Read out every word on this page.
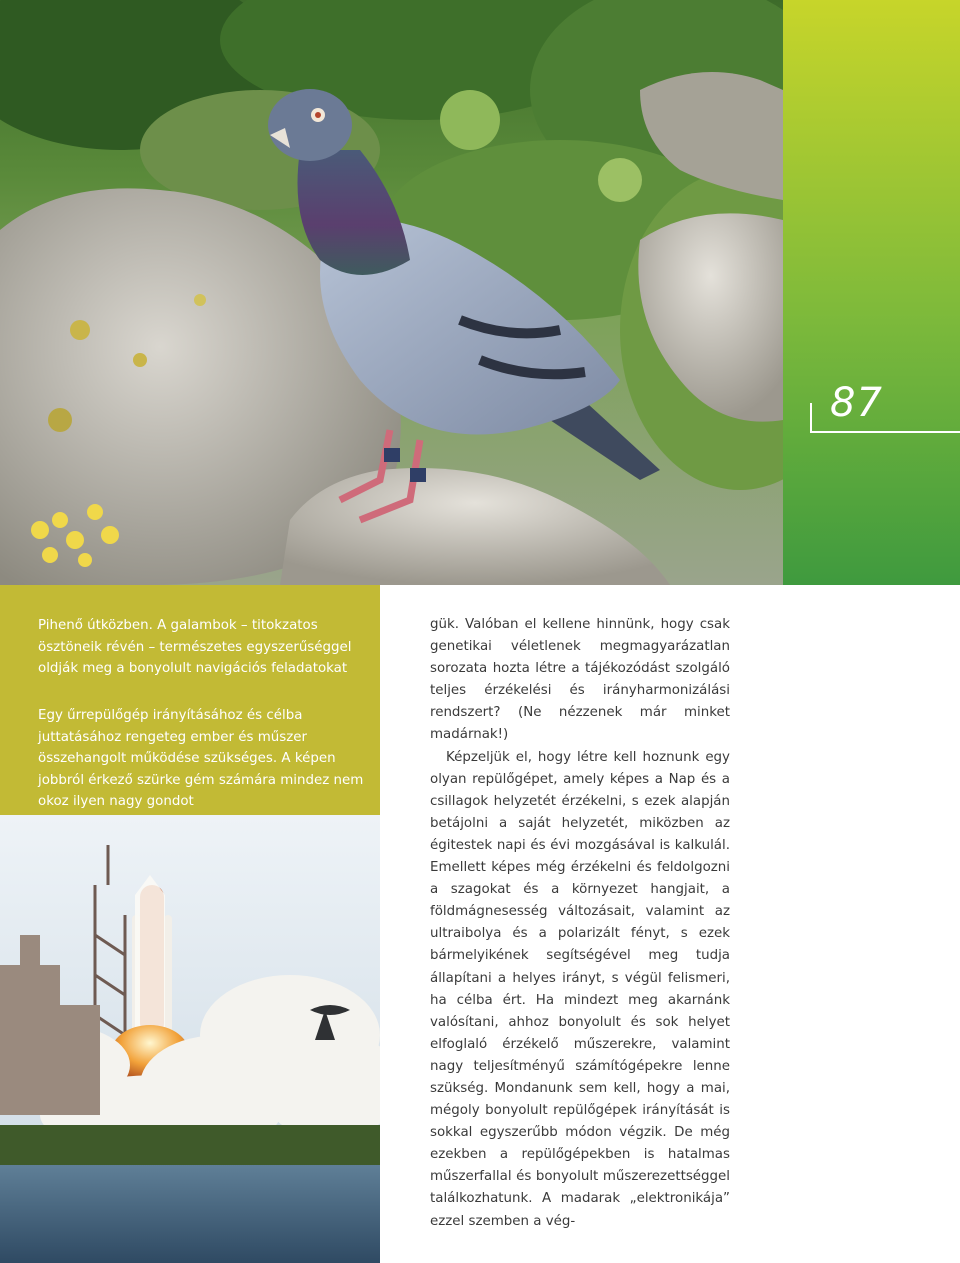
87

Pihenő útközben. A galambok – titokzatos ösztöneik révén – természetes egyszerűséggel oldják meg a bonyolult navigációs feladatokat

Egy űrrepülőgép irányításához és célba juttatásához rengeteg ember és műszer összehangolt működése szükséges. A képen jobbról érkező szürke gém számára mindez nem okoz ilyen nagy gondot

gük. Valóban el kellene hinnünk, hogy csak genetikai véletlenek megmagyarázatlan sorozata hozta létre a tájékozódást szolgáló teljes érzékelési és irányharmonizálási rendszert? (Ne nézzenek már minket madárnak!)

Képzeljük el, hogy létre kell hoznunk egy olyan repülőgépet, amely képes a Nap és a csillagok helyzetét érzékelni, s ezek alapján betájolni a saját helyzetét, miközben az égitestek napi és évi mozgásával is kalkulál. Emellett képes még érzékelni és feldolgozni a szagokat és a környezet hangjait, a földmágnesesség változásait, valamint az ultraibolya és a polarizált fényt, s ezek bármelyikének segítségével meg tudja állapítani a helyes irányt, s végül felismeri, ha célba ért. Ha mindezt meg akarnánk valósítani, ahhoz bonyolult és sok helyet elfoglaló érzékelő műszerekre, valamint nagy teljesítményű számítógépekre lenne szükség. Mondanunk sem kell, hogy a mai, mégoly bonyolult repülőgépek irányítását is sokkal egyszerűbb módon végzik. De még ezekben a repülőgépekben is hatalmas műszerfallal és bonyolult műszerezettséggel találkozhatunk. A madarak „elektronikája” ezzel szemben a vég-
